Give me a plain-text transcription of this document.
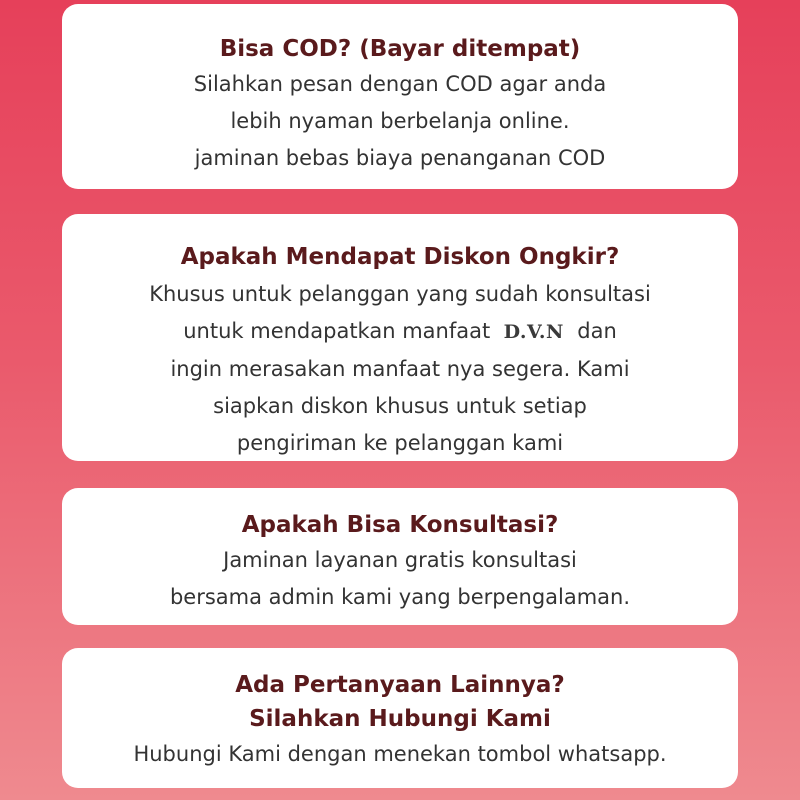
Bisa COD? (Bayar ditempat)
Silahkan pesan dengan COD agar anda
lebih nyaman berbelanja online.
jaminan bebas biaya penanganan COD
Apakah Mendapat Diskon Ongkir?
Khusus untuk pelanggan yang sudah konsultasi
untuk mendapatkan manfaat D.V.N dan
ingin merasakan manfaat nya segera. Kami
siapkan diskon khusus untuk setiap
pengiriman ke pelanggan kami
Apakah Bisa Konsultasi?
Jaminan layanan gratis konsultasi
bersama admin kami yang berpengalaman.
Ada Pertanyaan Lainnya?
Silahkan Hubungi Kami
Hubungi Kami dengan menekan tombol whatsapp.
